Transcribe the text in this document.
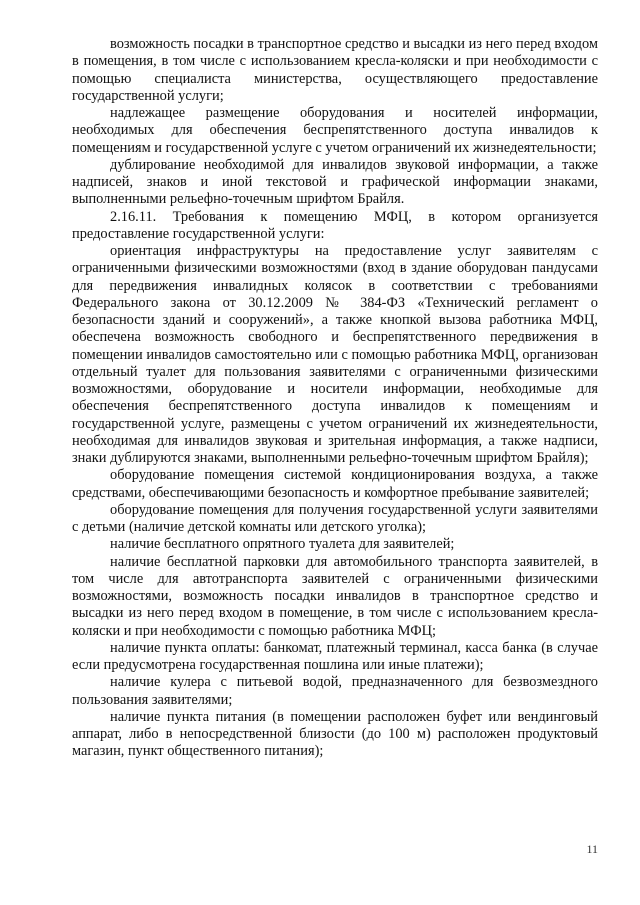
возможность посадки в транспортное средство и высадки из него перед входом в помещения, в том числе с использованием кресла-коляски и при необходимости с помощью специалиста министерства, осуществляющего предоставление государственной услуги;

надлежащее размещение оборудования и носителей информации, необходимых для обеспечения беспрепятственного доступа инвалидов к помещениям и государственной услуге с учетом ограничений их жизнедеятельности;

дублирование необходимой для инвалидов звуковой информации, а также надписей, знаков и иной текстовой и графической информации знаками, выполненными рельефно-точечным шрифтом Брайля.

2.16.11. Требования к помещению МФЦ, в котором организуется предоставление государственной услуги:

ориентация инфраструктуры на предоставление услуг заявителям с ограниченными физическими возможностями (вход в здание оборудован пандусами для передвижения инвалидных колясок в соответствии с требованиями Федерального закона от 30.12.2009 № 384-ФЗ «Технический регламент о безопасности зданий и сооружений», а также кнопкой вызова работника МФЦ, обеспечена возможность свободного и беспрепятственного передвижения в помещении инвалидов самостоятельно или с помощью работника МФЦ, организован отдельный туалет для пользования заявителями с ограниченными физическими возможностями, оборудование и носители информации, необходимые для обеспечения беспрепятственного доступа инвалидов к помещениям и государственной услуге, размещены с учетом ограничений их жизнедеятельности, необходимая для инвалидов звуковая и зрительная информация, а также надписи, знаки дублируются знаками, выполненными рельефно-точечным шрифтом Брайля);

оборудование помещения системой кондиционирования воздуха, а также средствами, обеспечивающими безопасность и комфортное пребывание заявителей;

оборудование помещения для получения государственной услуги заявителями с детьми (наличие детской комнаты или детского уголка);

наличие бесплатного опрятного туалета для заявителей;

наличие бесплатной парковки для автомобильного транспорта заявителей, в том числе для автотранспорта заявителей с ограниченными физическими возможностями, возможность посадки инвалидов в транспортное средство и высадки из него перед входом в помещение, в том числе с использованием кресла-коляски и при необходимости с помощью работника МФЦ;

наличие пункта оплаты: банкомат, платежный терминал, касса банка (в случае если предусмотрена государственная пошлина или иные платежи);

наличие кулера с питьевой водой, предназначенного для безвозмездного пользования заявителями;

наличие пункта питания (в помещении расположен буфет или вендинговый аппарат, либо в непосредственной близости (до 100 м) расположен продуктовый магазин, пункт общественного питания);

11
